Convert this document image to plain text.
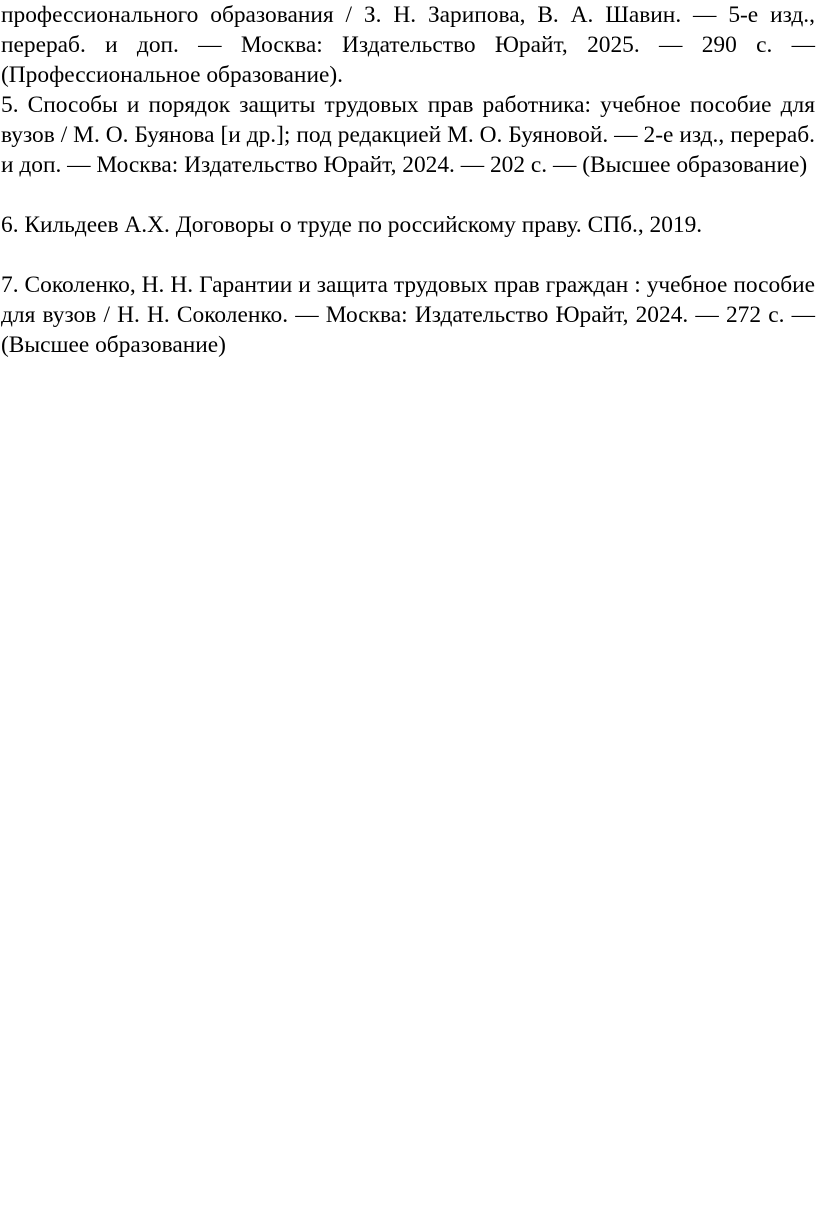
профессионального образования / З. Н. Зарипова, В. А. Шавин. — 5-е изд., перераб. и доп. — Москва: Издательство Юрайт, 2025. — 290 с. — (Профессиональное образование).

5. Способы и порядок защиты трудовых прав работника: учебное пособие для вузов / М. О. Буянова [и др.]; под редакцией М. О. Буяновой. — 2-е изд., перераб. и доп. — Москва: Издательство Юрайт, 2024. — 202 с. — (Высшее образование)

6. Кильдеев А.Х. Договоры о труде по российскому праву. СПб., 2019.

7. Соколенко, Н. Н. Гарантии и защита трудовых прав граждан : учебное пособие для вузов / Н. Н. Соколенко. — Москва: Издательство Юрайт, 2024. — 272 с. — (Высшее образование)
